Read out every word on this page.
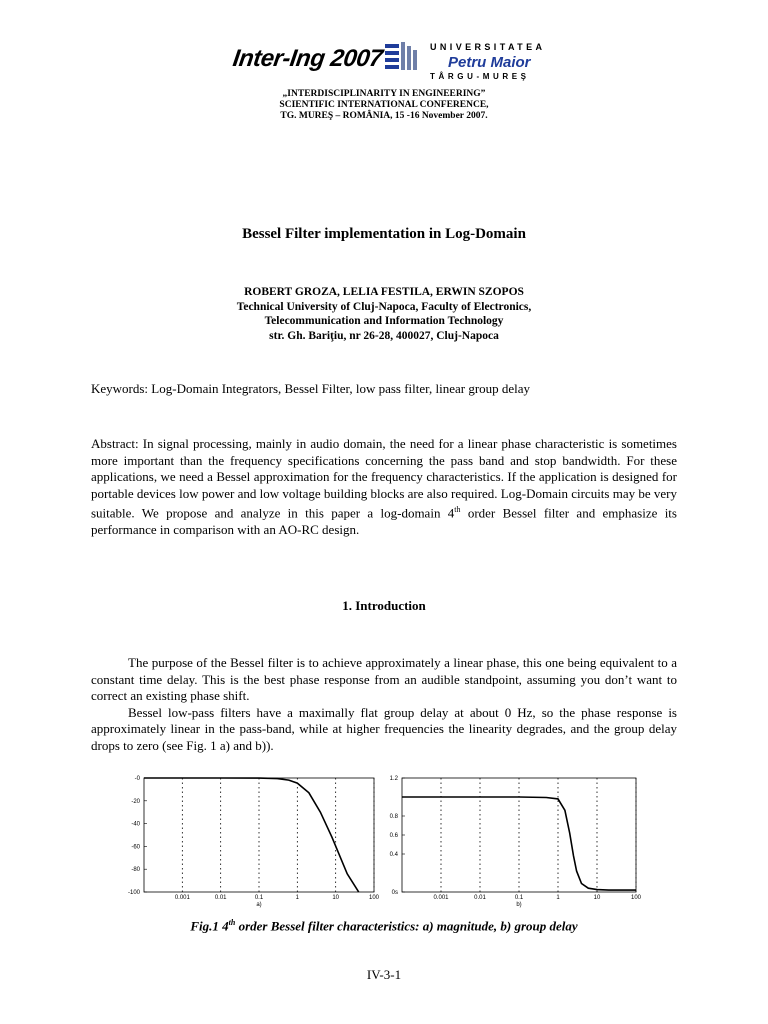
Inter-Ing 2007	UNIVERSITATEA
Petru Maior
TÂRGU-MUREŞ
„INTERDISCIPLINARITY IN ENGINEERING”
SCIENTIFIC INTERNATIONAL CONFERENCE,
TG. MUREŞ – ROMÂNIA, 15 -16 November 2007.
Bessel Filter implementation in Log-Domain
ROBERT GROZA, LELIA FESTILA, ERWIN SZOPOS
Technical University of Cluj-Napoca, Faculty of Electronics,
Telecommunication and Information Technology
str. Gh. Bariţiu, nr 26-28, 400027, Cluj-Napoca
Keywords: Log-Domain Integrators, Bessel Filter, low pass filter, linear group delay
Abstract: In signal processing, mainly in audio domain, the need for a linear phase characteristic is sometimes more important than the frequency specifications concerning the pass band and stop bandwidth. For these applications, we need a Bessel approximation for the frequency characteristics. If the application is designed for portable devices low power and low voltage building blocks are also required. Log-Domain circuits may be very suitable. We propose and analyze in this paper a log-domain 4th order Bessel filter and emphasize its performance in comparison with an AO-RC design.
1. Introduction
The purpose of the Bessel filter is to achieve approximately a linear phase, this one being equivalent to a constant time delay. This is the best phase response from an audible standpoint, assuming you don’t want to correct an existing phase shift.
Bessel low-pass filters have a maximally flat group delay at about 0 Hz, so the phase response is approximately linear in the pass-band, while at higher frequencies the linearity degrades, and the group delay drops to zero (see Fig. 1 a) and b)).
0.001	0.01	0.1	1	10	100
-0
-20
-40
-60
-80
-100
a)
0.001	0.01	0.1	1	10	100
0s
0.4
0.6
0.8
1.2
b)
Fig.1 4th order Bessel filter characteristics: a) magnitude, b) group delay
IV-3-1
